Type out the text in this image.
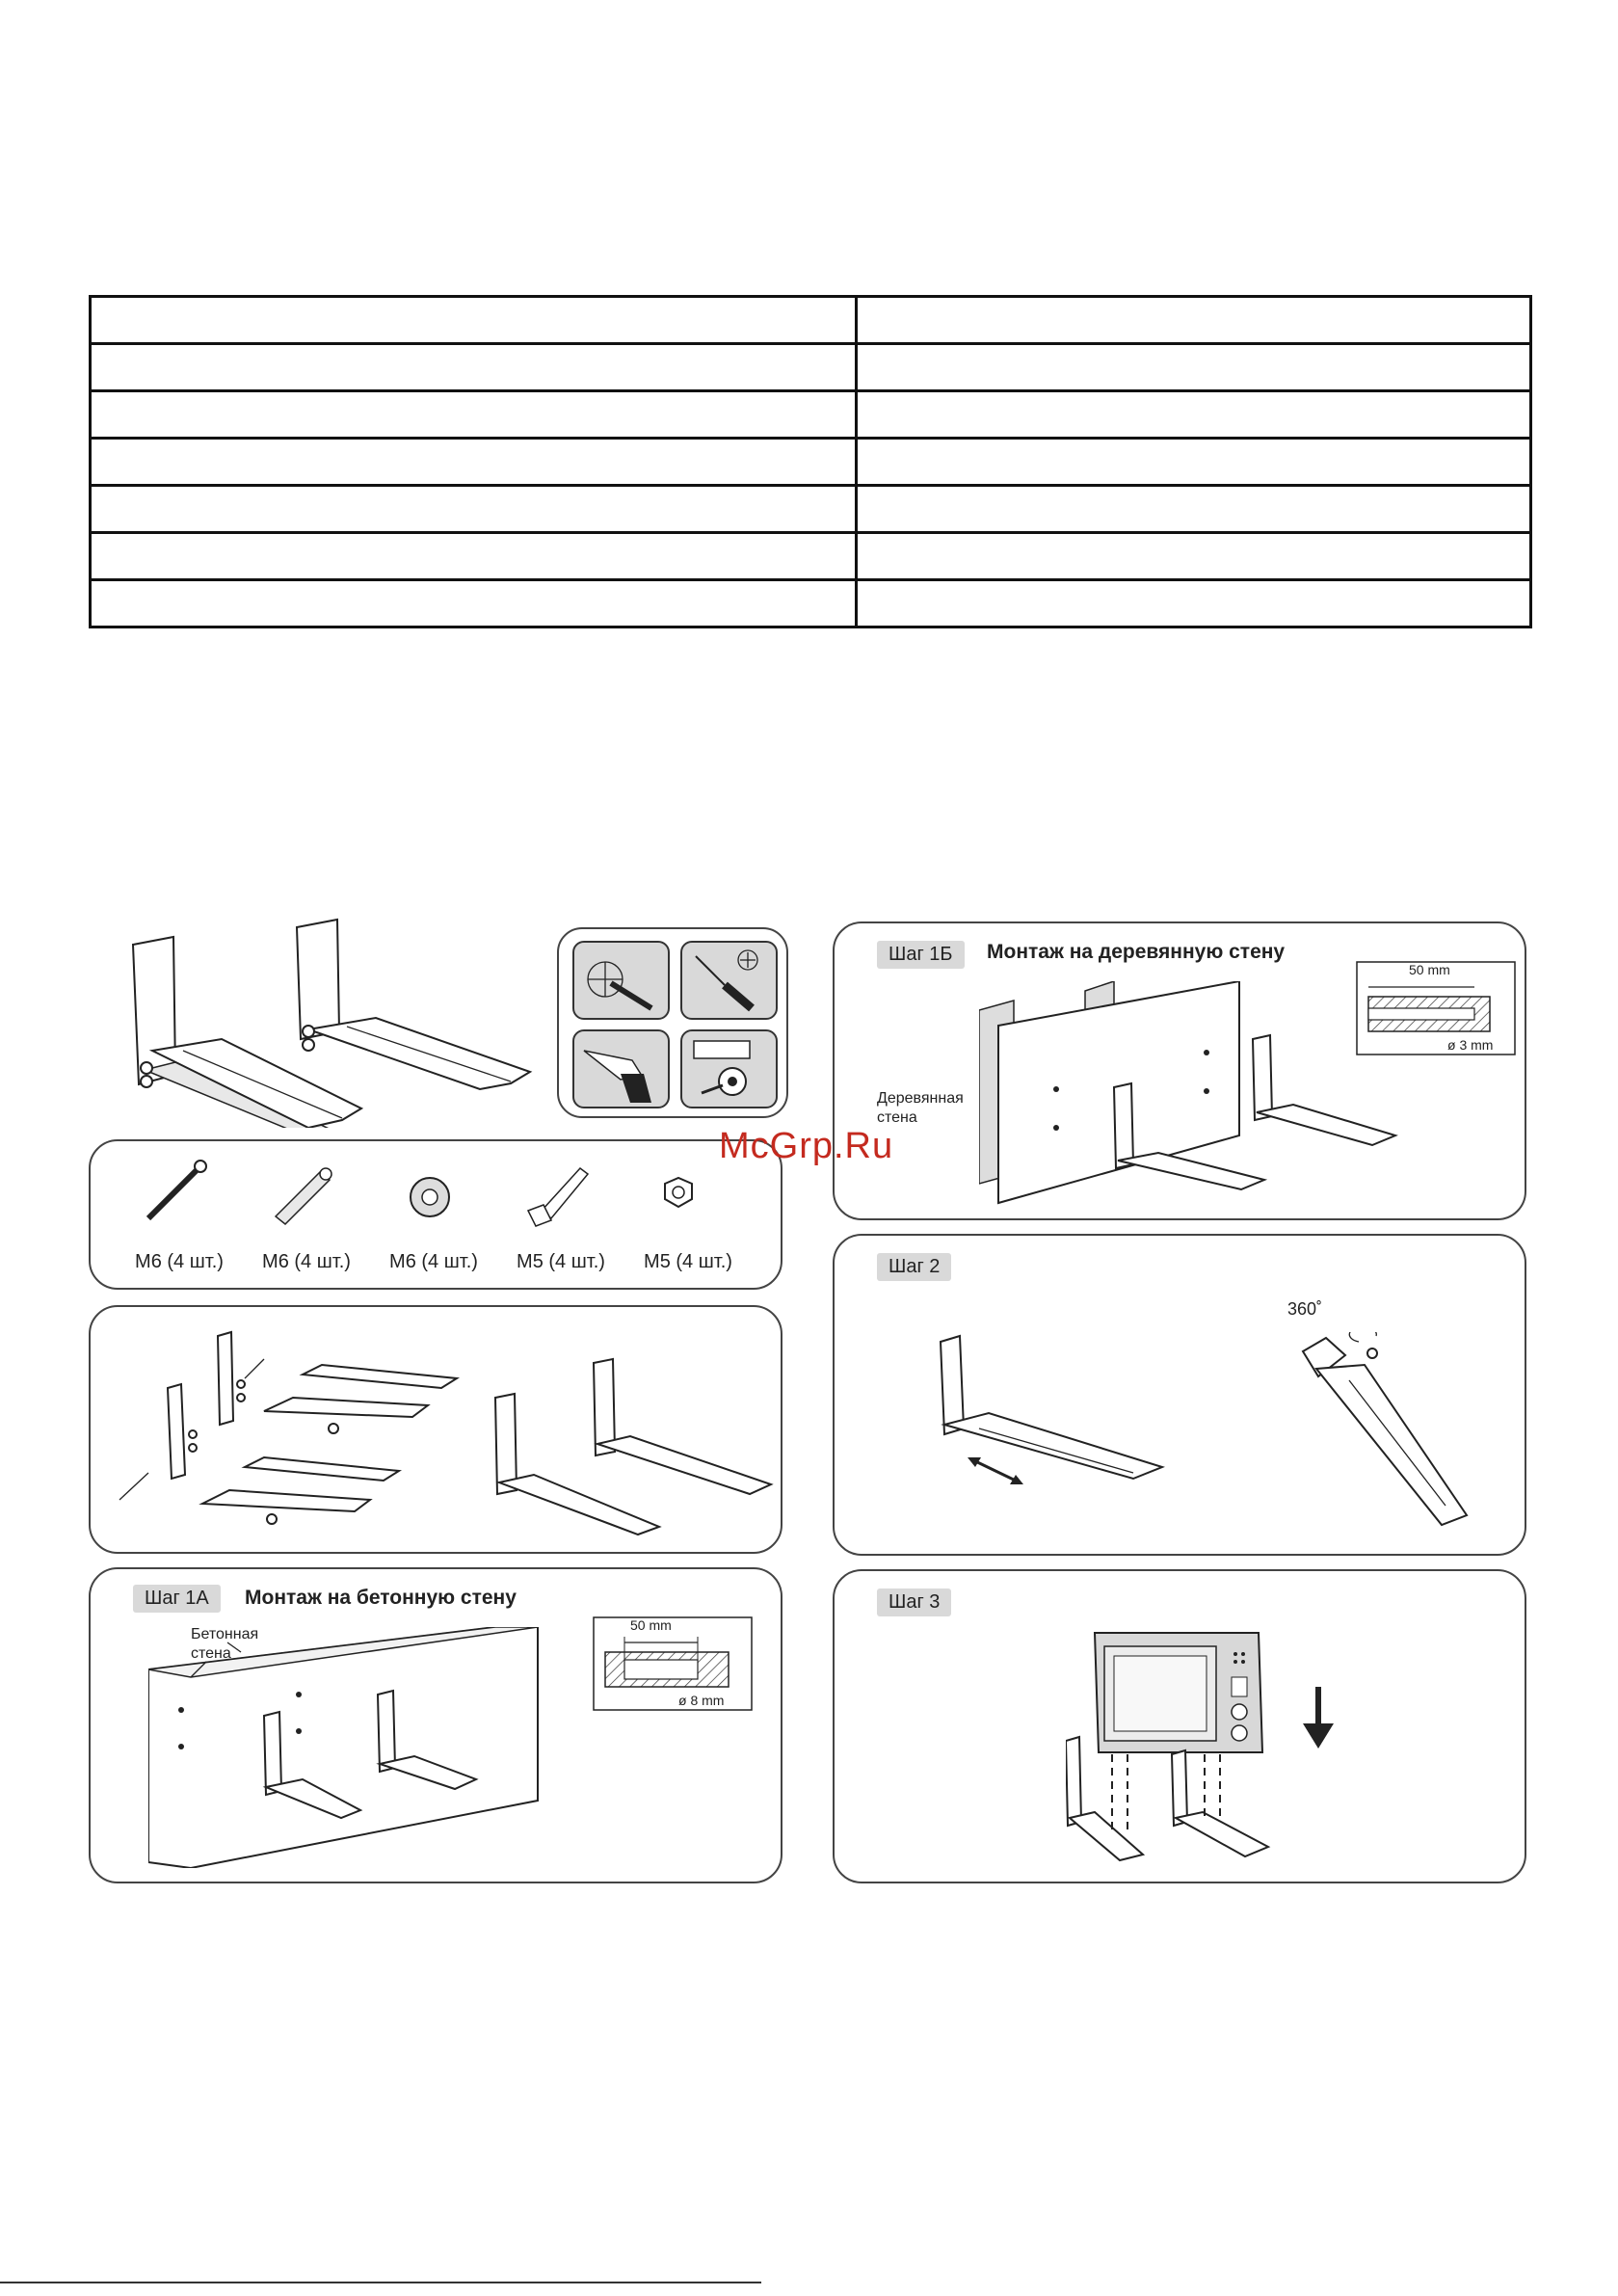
M6 (4 шт.)	M6 (4 шт.)	M6 (4 шт.)	M5 (4 шт.)	M5 (4 шт.)
Шаг 1А	Монтаж на бетонную стену
Бетонная
стена
50 mm
ø 8 mm
Шаг 1Б	Монтаж на деревянную стену
Деревянная
стена
50 mm
ø 3 mm
Шаг 2
360˚
Шаг 3
McGrp.Ru
